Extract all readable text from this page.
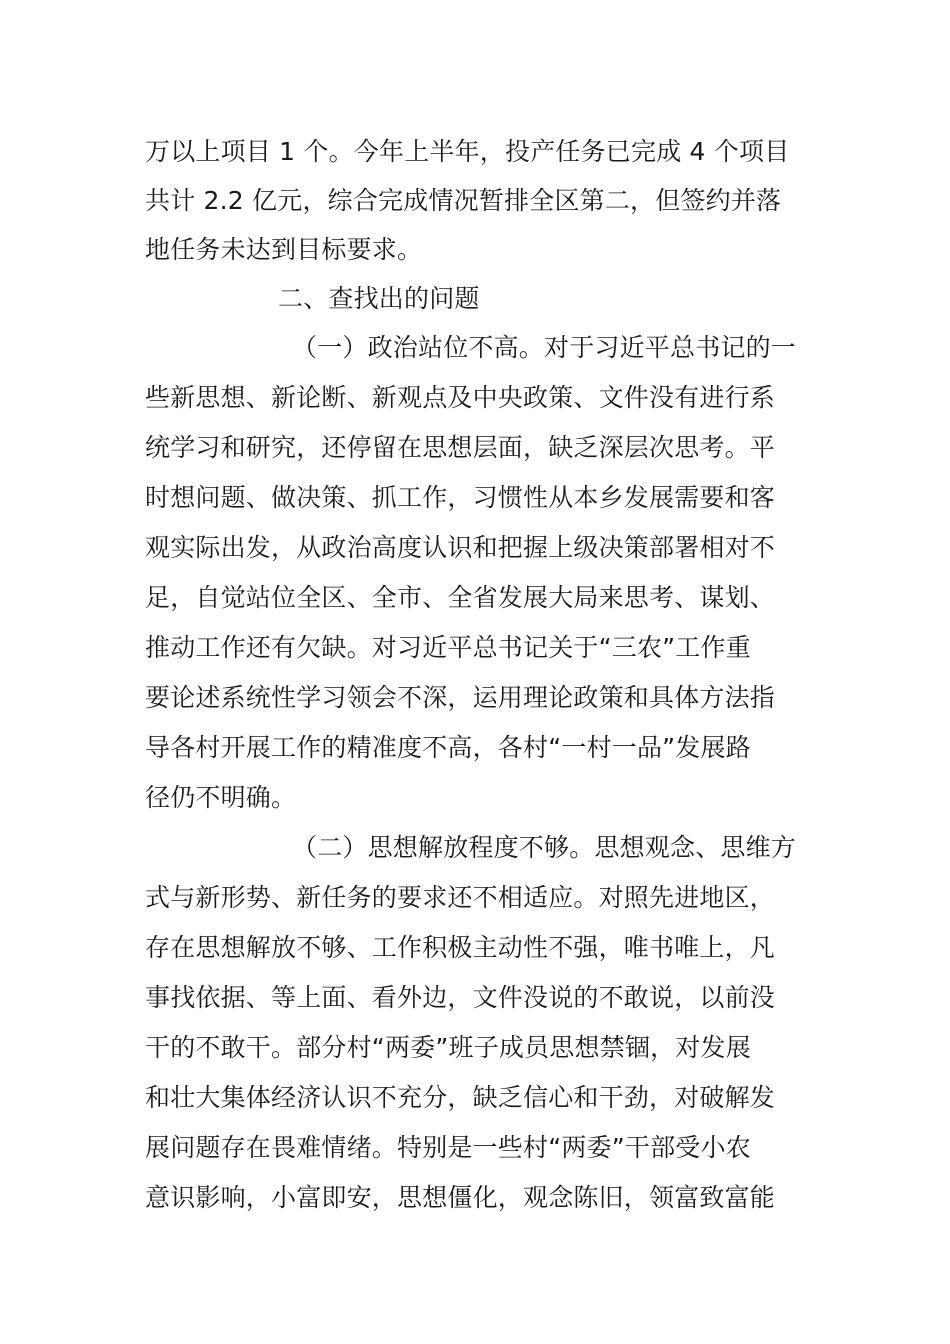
万以上项目 1 个。今年上半年，投产任务已完成 4 个项目
共计 2.2 亿元，综合完成情况暂排全区第二，但签约并落
地任务未达到目标要求。
二、查找出的问题
（一）政治站位不高。对于习近平总书记的一
些新思想、新论断、新观点及中央政策、文件没有进行系
统学习和研究，还停留在思想层面，缺乏深层次思考。平
时想问题、做决策、抓工作，习惯性从本乡发展需要和客
观实际出发，从政治高度认识和把握上级决策部署相对不
足，自觉站位全区、全市、全省发展大局来思考、谋划、
推动工作还有欠缺。对习近平总书记关于“三农”工作重
要论述系统性学习领会不深，运用理论政策和具体方法指
导各村开展工作的精准度不高，各村“一村一品”发展路
径仍不明确。
（二）思想解放程度不够。思想观念、思维方
式与新形势、新任务的要求还不相适应。对照先进地区，
存在思想解放不够、工作积极主动性不强，唯书唯上，凡
事找依据、等上面、看外边，文件没说的不敢说，以前没
干的不敢干。部分村“两委”班子成员思想禁锢，对发展
和壮大集体经济认识不充分，缺乏信心和干劲，对破解发
展问题存在畏难情绪。特别是一些村“两委”干部受小农
意识影响，小富即安，思想僵化，观念陈旧，领富致富能
